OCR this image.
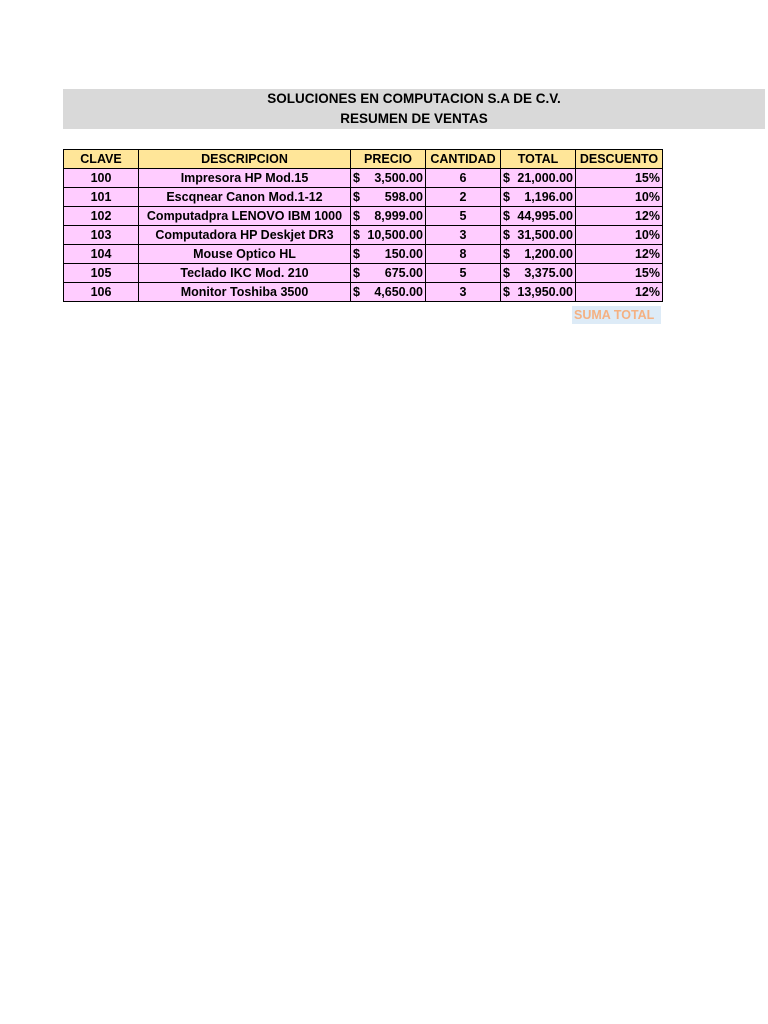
SOLUCIONES EN COMPUTACION S.A DE C.V.
RESUMEN DE VENTAS
CLAVE	DESCRIPCION	PRECIO	CANTIDAD	TOTAL	DESCUENTO
100	Impresora HP Mod.15	$ 3,500.00	6	$ 21,000.00	15%
101	Escqnear Canon Mod.1-12	$ 598.00	2	$ 1,196.00	10%
102	Computadpra LENOVO IBM 1000	$ 8,999.00	5	$ 44,995.00	12%
103	Computadora HP Deskjet DR3	$ 10,500.00	3	$ 31,500.00	10%
104	Mouse Optico HL	$ 150.00	8	$ 1,200.00	12%
105	Teclado IKC Mod. 210	$ 675.00	5	$ 3,375.00	15%
106	Monitor Toshiba 3500	$ 4,650.00	3	$ 13,950.00	12%
SUMA TOTAL
